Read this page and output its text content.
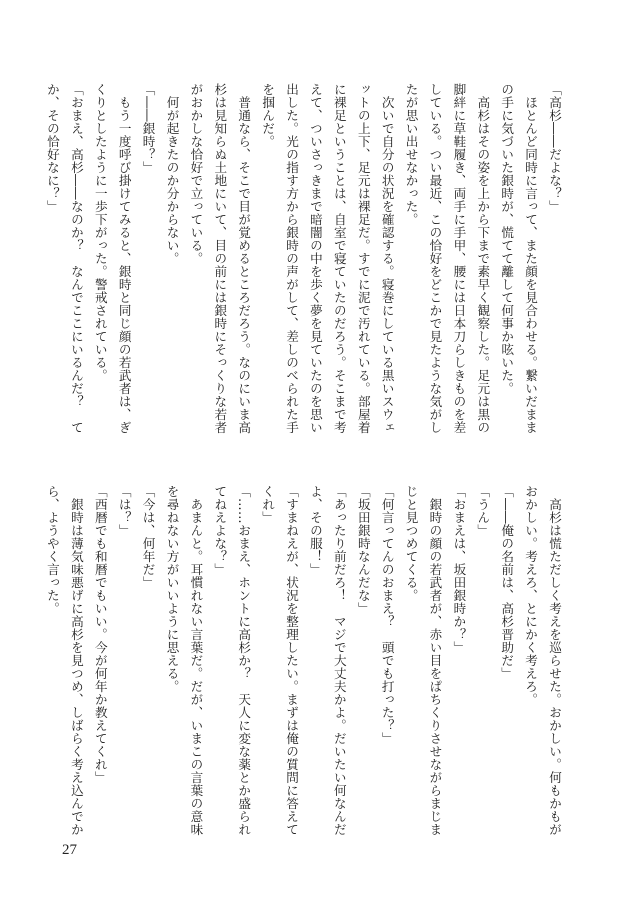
「高杉――だよな？」
　ほとんど同時に言って、また顔を見合わせる。繋いだまま
の手に気づいた銀時が、慌てて離して何事か呟いた。
　高杉はその姿を上から下まで素早く観察した。足元は黒の
脚絆に草鞋履き、両手に手甲、腰には日本刀らしきものを差
している。つい最近、この恰好をどこかで見たような気がし
たが思い出せなかった。
　次いで自分の状況を確認する。寝巻にしている黒いスウェ
ットの上下、足元は裸足だ。すでに泥で汚れている。部屋着
に裸足ということは、自室で寝ていたのだろう。そこまで考
えて、ついさっきまで暗闇の中を歩く夢を見ていたのを思い
出した。光の指す方から銀時の声がして、差しのべられた手
を掴んだ。
　普通なら、そこで目が覚めるところだろう。なのにいま高
杉は見知らぬ土地にいて、目の前には銀時にそっくりな若者
がおかしな恰好で立っている。
　何が起きたのか分からない。
「――銀時？」
　もう一度呼び掛けてみると、銀時と同じ顔の若武者は、ぎ
くりとしたように一歩下がった。警戒されている。
「おまえ、高杉――なのか？　なんでここにいるんだ？　て
か、その恰好なに？」
　高杉は慌ただしく考えを巡らせた。おかしい。何もかもが
おかしい。考えろ、とにかく考えろ。
「――俺の名前は、高杉晋助だ」
「うん」
「おまえは、坂田銀時か？」
　銀時の顔の若武者が、赤い目をぱちくりさせながらまじま
じと見つめてくる。
「何言ってんのおまえ？　頭でも打った？」
「坂田銀時なんだな」
「あったり前だろ！　マジで大丈夫かよ。だいたい何なんだ
よ、その服！」
「すまねえが、状況を整理したい。まずは俺の質問に答えて
くれ」
「……おまえ、ホントに高杉か？　天人に変な薬とか盛られ
てねえよな？」
　あまんと。耳慣れない言葉だ。だが、いまこの言葉の意味
を尋ねない方がいいように思える。
「今は、何年だ」
「は？」
「西暦でも和暦でもいい。今が何年か教えてくれ」
　銀時は薄気味悪げに高杉を見つめ、しばらく考え込んでか
ら、ようやく言った。
27
